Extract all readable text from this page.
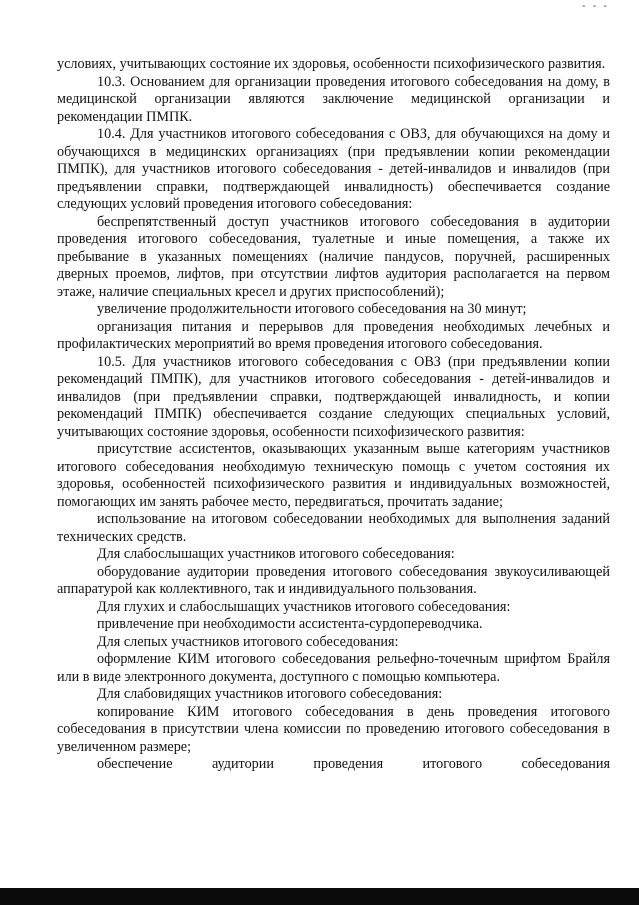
- - -

условиях, учитывающих состояние их здоровья, особенности психофизического развития.

10.3. Основанием для организации проведения итогового собеседования на дому, в медицинской организации являются заключение медицинской организации и рекомендации ПМПК.

10.4. Для участников итогового собеседования с ОВЗ, для обучающихся на дому и обучающихся в медицинских организациях (при предъявлении копии рекомендации ПМПК), для участников итогового собеседования - детей-инвалидов и инвалидов (при предъявлении справки, подтверждающей инвалидность) обеспечивается создание следующих условий проведения итогового собеседования:

беспрепятственный доступ участников итогового собеседования в аудитории проведения итогового собеседования, туалетные и иные помещения, а также их пребывание в указанных помещениях (наличие пандусов, поручней, расширенных дверных проемов, лифтов, при отсутствии лифтов аудитория располагается на первом этаже, наличие специальных кресел и других приспособлений);

увеличение продолжительности итогового собеседования на 30 минут;

организация питания и перерывов для проведения необходимых лечебных и профилактических мероприятий во время проведения итогового собеседования.

10.5. Для участников итогового собеседования с ОВЗ (при предъявлении копии рекомендаций ПМПК), для участников итогового собеседования - детей-инвалидов и инвалидов (при предъявлении справки, подтверждающей инвалидность, и копии рекомендаций ПМПК) обеспечивается создание следующих специальных условий, учитывающих состояние здоровья, особенности психофизического развития:

присутствие ассистентов, оказывающих указанным выше категориям участников итогового собеседования необходимую техническую помощь с учетом состояния их здоровья, особенностей психофизического развития и индивидуальных возможностей, помогающих им занять рабочее место, передвигаться, прочитать задание;

использование на итоговом собеседовании необходимых для выполнения заданий технических средств.

Для слабослышащих участников итогового собеседования:

оборудование аудитории проведения итогового собеседования звукоусиливающей аппаратурой как коллективного, так и индивидуального пользования.

Для глухих и слабослышащих участников итогового собеседования:

привлечение при необходимости ассистента-сурдопереводчика.

Для слепых участников итогового собеседования:

оформление КИМ итогового собеседования рельефно-точечным шрифтом Брайля или в виде электронного документа, доступного с помощью компьютера.

Для слабовидящих участников итогового собеседования:

копирование КИМ итогового собеседования в день проведения итогового собеседования в присутствии члена комиссии по проведению итогового собеседования в увеличенном размере;

обеспечение аудитории проведения итогового собеседования
